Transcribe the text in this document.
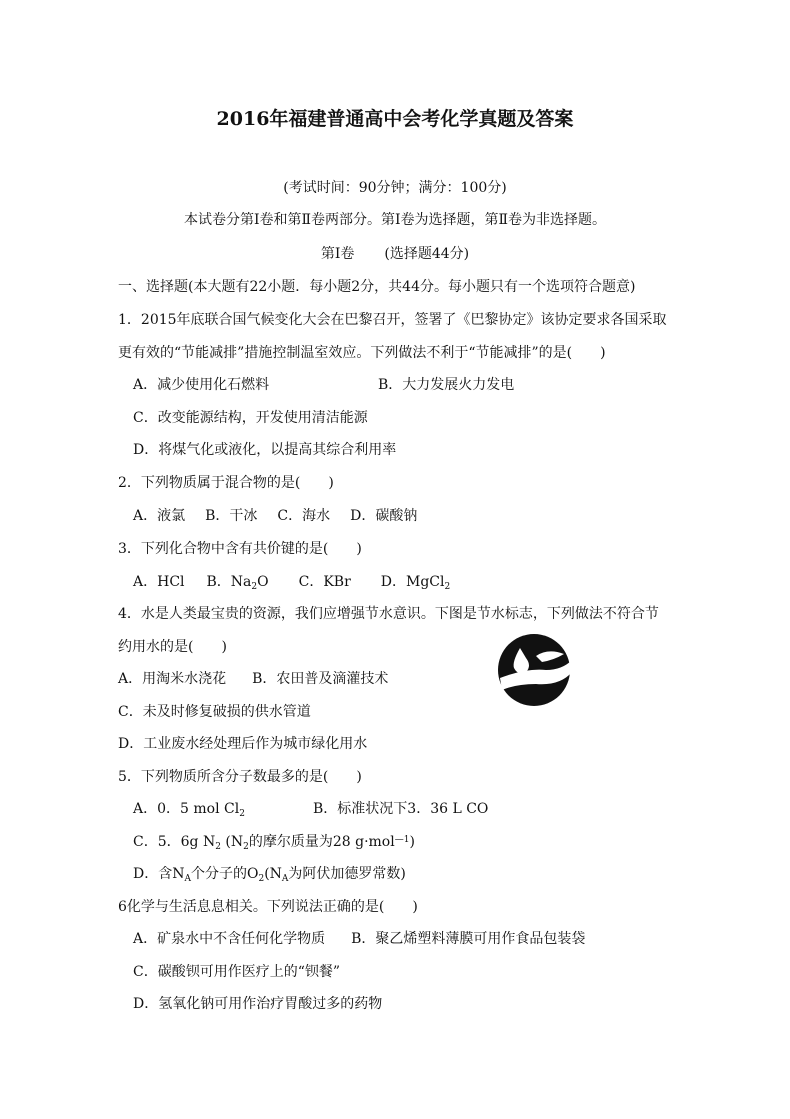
2016年福建普通高中会考化学真题及答案
(考试时间：90分钟；满分：100分)
本试卷分第Ⅰ卷和第Ⅱ卷两部分。第Ⅰ卷为选择题，第Ⅱ卷为非选择题。
第Ⅰ卷 (选择题44分)
一、选择题(本大题有22小题．每小题2分，共44分。每小题只有一个选项符合题意)
1．2015年底联合国气候变化大会在巴黎召开，签署了《巴黎协定》该协定要求各国采取
更有效的“节能减排”措施控制温室效应。下列做法不利于“节能减排”的是(　　)
A．减少使用化石燃料	B．大力发展火力发电
C．改变能源结构，开发使用清洁能源
D．将煤气化或液化，以提高其综合利用率
2．下列物质属于混合物的是(　　)
A．液氯 B．干冰 C．海水 D．碳酸钠
3．下列化合物中含有共价键的是(　　)
A．HCl B．$Na_2O$ C．KBr D．MgCl$_2$
4．水是人类最宝贵的资源，我们应增强节水意识。下图是节水标志，下列做法不符合节
约用水的是(　　)
A．用淘米水浇花 B．农田普及滴灌技术
C．未及时修复破损的供水管道
D．工业废水经处理后作为城市绿化用水
5．下列物质所含分子数最多的是(　　)
A．0．5 mol $Cl_2$	B．标准状况下3．36 L CO
C．5．6g $N_2$ ($N_2$的摩尔质量为28 g·mol$^{—1}$)
D．含$N_A$个分子的$O_2(N_A$为阿伏加德罗常数)
6化学与生活息息相关。下列说法正确的是(　　)
A．矿泉水中不含任何化学物质 B．聚乙烯塑料薄膜可用作食品包装袋
C．碳酸钡可用作医疗上的“钡餐”
D．氢氧化钠可用作治疗胃酸过多的药物
